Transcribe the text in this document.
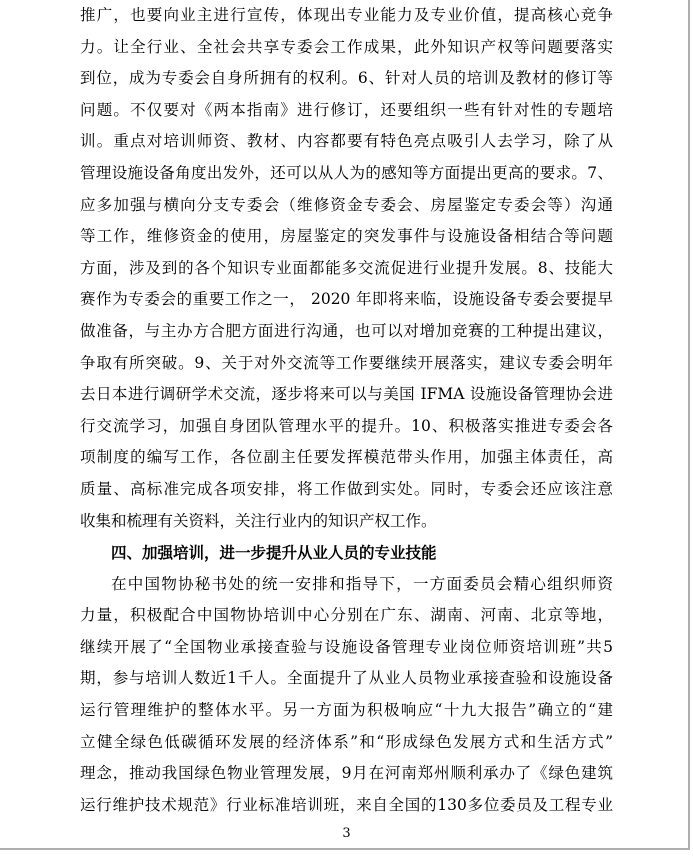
推广，也要向业主进行宣传，体现出专业能力及专业价值，提高核心竞争
力。让全行业、全社会共享专委会工作成果，此外知识产权等问题要落实
到位，成为专委会自身所拥有的权利。6、针对人员的培训及教材的修订等
问题。不仅要对《两本指南》进行修订，还要组织一些有针对性的专题培
训。重点对培训师资、教材、内容都要有特色亮点吸引人去学习，除了从
管理设施设备角度出发外，还可以从人为的感知等方面提出更高的要求。7、
应多加强与横向分支专委会（维修资金专委会、房屋鉴定专委会等）沟通
等工作，维修资金的使用，房屋鉴定的突发事件与设施设备相结合等问题
方面，涉及到的各个知识专业面都能多交流促进行业提升发展。8、技能大
赛作为专委会的重要工作之一， 2020 年即将来临，设施设备专委会要提早
做准备，与主办方合肥方面进行沟通，也可以对增加竞赛的工种提出建议，
争取有所突破。9、关于对外交流等工作要继续开展落实，建议专委会明年
去日本进行调研学术交流，逐步将来可以与美国 IFMA 设施设备管理协会进
行交流学习，加强自身团队管理水平的提升。10、积极落实推进专委会各
项制度的编写工作，各位副主任要发挥模范带头作用，加强主体责任，高
质量、高标准完成各项安排，将工作做到实处。同时，专委会还应该注意
收集和梳理有关资料，关注行业内的知识产权工作。
四、加强培训，进一步提升从业人员的专业技能
在中国物协秘书处的统一安排和指导下，一方面委员会精心组织师资
力量，积极配合中国物协培训中心分别在广东、湖南、河南、北京等地，
继续开展了“全国物业承接查验与设施设备管理专业岗位师资培训班”共5
期，参与培训人数近1千人。全面提升了从业人员物业承接查验和设施设备
运行管理维护的整体水平。另一方面为积极响应“十九大报告”确立的“建
立健全绿色低碳循环发展的经济体系”和“形成绿色发展方式和生活方式”
理念，推动我国绿色物业管理发展，9月在河南郑州顺利承办了《绿色建筑
运行维护技术规范》行业标准培训班，来自全国的130多位委员及工程专业
3
